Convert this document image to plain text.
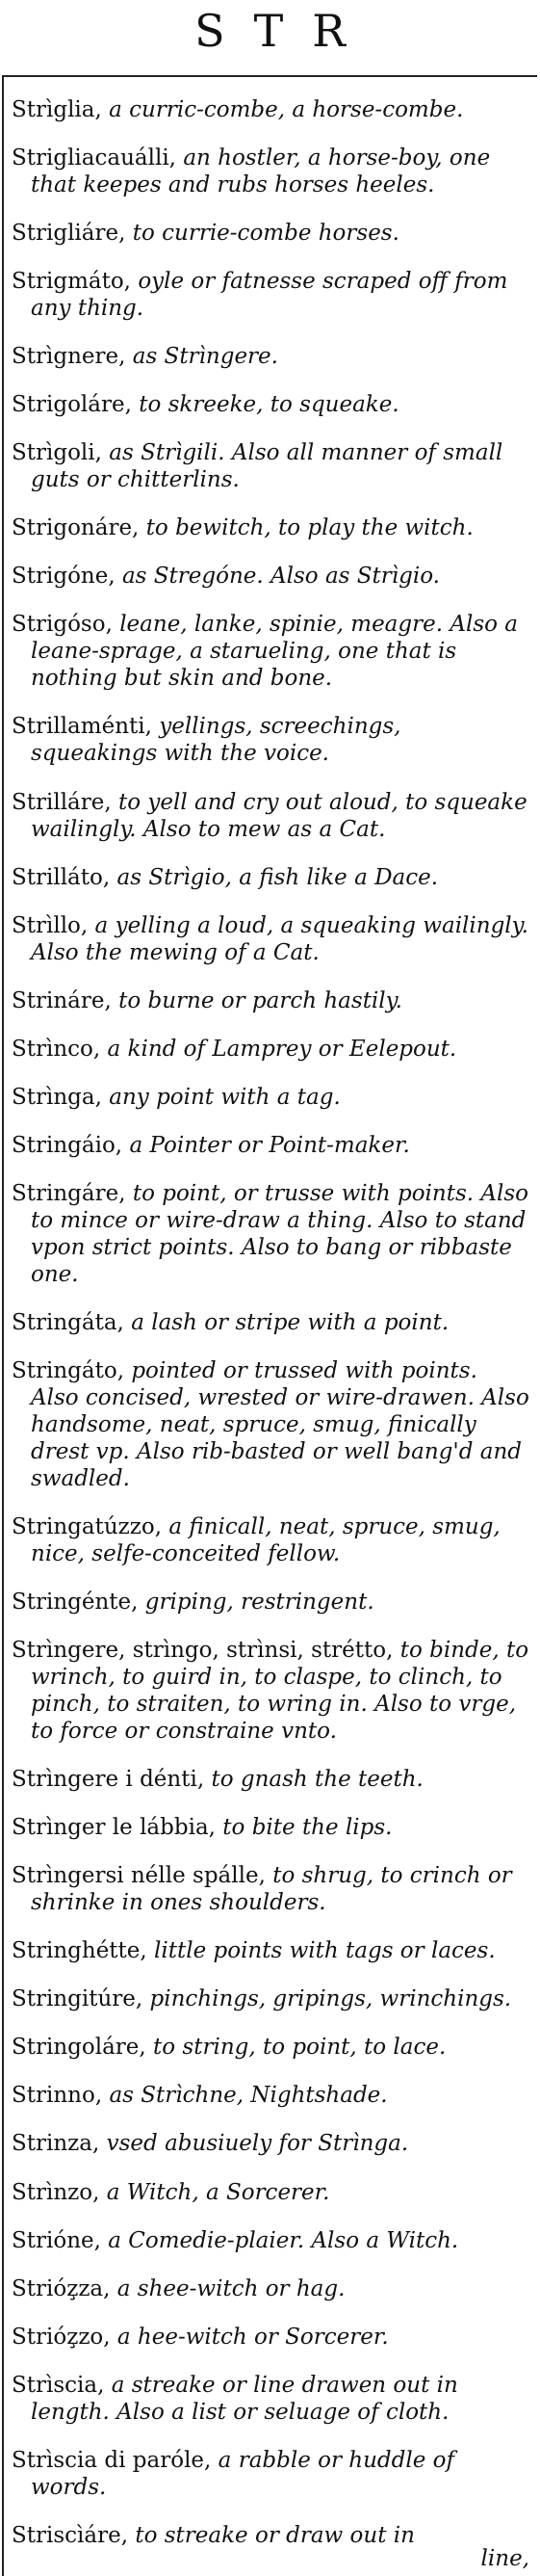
STR

Strìglia, a curric-combe, a horse-combe.

Strigliacauálli, an hostler, a horse-boy, one that keepes and rubs horses heeles.

Strigliáre, to currie-combe horses.

Strigmáto, oyle or fatnesse scraped off from any thing.

Strìgnere, as Strìngere.

Strigoláre, to skreeke, to squeake.

Strìgoli, as Strìgili. Also all manner of small guts or chitterlins.

Strigonáre, to bewitch, to play the witch.

Strigóne, as Stregóne. Also as Strìgio.

Strigóso, leane, lanke, spinie, meagre. Also a leane-sprage, a starueling, one that is nothing but skin and bone.

Strillaménti, yellings, screechings, squeakings with the voice.

Strilláre, to yell and cry out aloud, to squeake wailingly. Also to mew as a Cat.

Strilláto, as Strìgio, a fish like a Dace.

Strìllo, a yelling a loud, a squeaking wailingly. Also the mewing of a Cat.

Strináre, to burne or parch hastily.

Strìnco, a kind of Lamprey or Eelepout.

Strìnga, any point with a tag.

Stringáio, a Pointer or Point-maker.

Stringáre, to point, or trusse with points. Also to mince or wire-draw a thing. Also to stand vpon strict points. Also to bang or ribbaste one.

Stringáta, a lash or stripe with a point.

Stringáto, pointed or trussed with points. Also concised, wrested or wire-drawen. Also handsome, neat, spruce, smug, finically drest vp. Also rib-basted or well bang'd and swadled.

Stringatúzzo, a finicall, neat, spruce, smug, nice, selfe-conceited fellow.

Stringénte, griping, restringent.

Strìngere, strìngo, strìnsi, strétto, to binde, to wrinch, to guird in, to claspe, to clinch, to pinch, to straiten, to wring in. Also to vrge, to force or constraine vnto.

Strìngere i dénti, to gnash the teeth.

Strìnger le lábbia, to bite the lips.

Strìngersi nélle spálle, to shrug, to crinch or shrinke in ones shoulders.

Stringhétte, little points with tags or laces.

Stringitúre, pinchings, gripings, wrinchings.

Stringoláre, to string, to point, to lace.

Strinno, as Strìchne, Nightshade.

Strinza, vsed abusiuely for Strìnga.

Strìnzo, a Witch, a Sorcerer.

Strióne, a Comedie-plaier. Also a Witch.

Strióz̧za, a shee-witch or hag.

Strióz̧zo, a hee-witch or Sorcerer.

Strìscia, a streake or line drawen out in length. Also a list or seluage of cloth.

Strìscia di paróle, a rabble or huddle of words.

Striscìáre, to streake or draw out in
line,
